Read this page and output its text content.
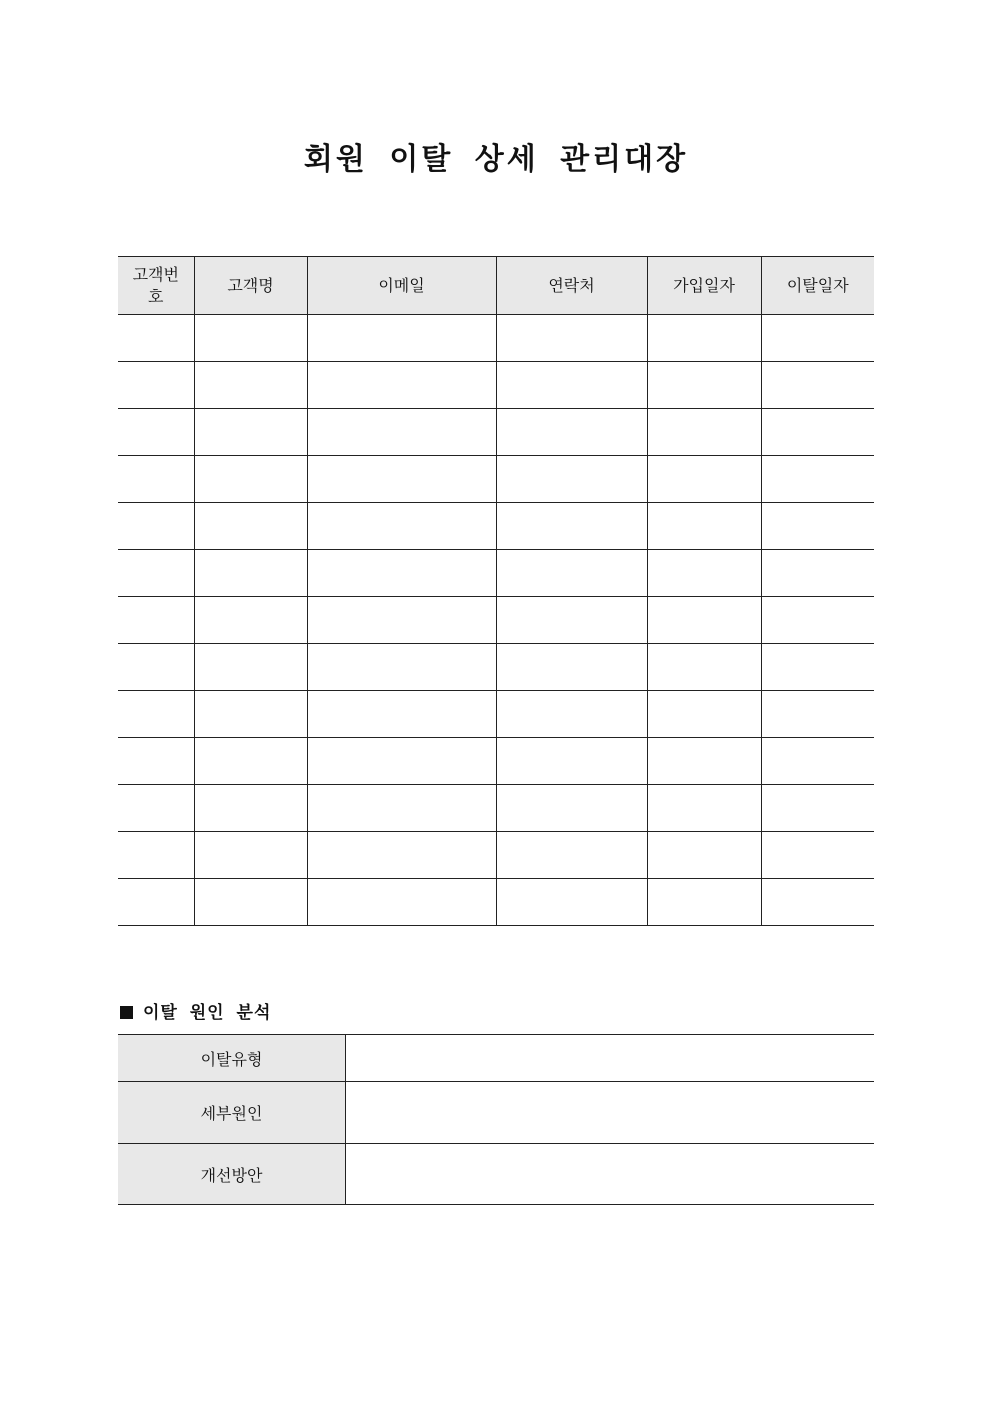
회원 이탈 상세 관리대장
고객번
호	고객명	이메일	연락처	가입일자	이탈일자

이탈 원인 분석
이탈유형	
세부원인	
개선방안	
